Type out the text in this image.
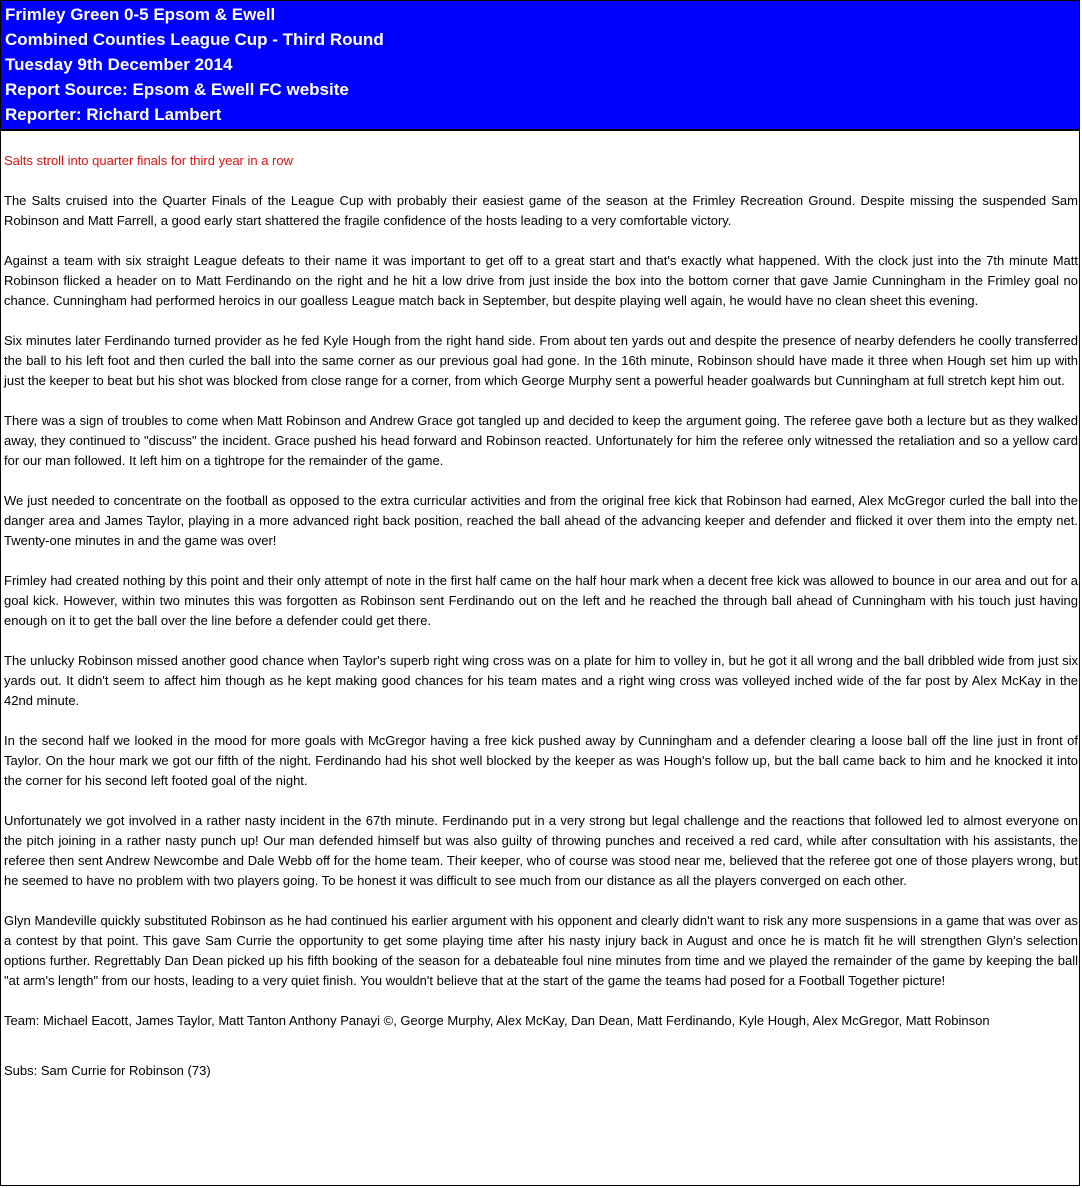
Frimley Green 0-5 Epsom & Ewell
Combined Counties League Cup - Third Round
Tuesday 9th December 2014
Report Source: Epsom & Ewell FC website
Reporter: Richard Lambert
Salts stroll into quarter finals for third year in a row

The Salts cruised into the Quarter Finals of the League Cup with probably their easiest game of the season at the Frimley Recreation Ground. Despite missing the suspended Sam Robinson and Matt Farrell, a good early start shattered the fragile confidence of the hosts leading to a very comfortable victory.

Against a team with six straight League defeats to their name it was important to get off to a great start and that's exactly what happened. With the clock just into the 7th minute Matt Robinson flicked a header on to Matt Ferdinando on the right and he hit a low drive from just inside the box into the bottom corner that gave Jamie Cunningham in the Frimley goal no chance. Cunningham had performed heroics in our goalless League match back in September, but despite playing well again, he would have no clean sheet this evening.

Six minutes later Ferdinando turned provider as he fed Kyle Hough from the right hand side. From about ten yards out and despite the presence of nearby defenders he coolly transferred the ball to his left foot and then curled the ball into the same corner as our previous goal had gone. In the 16th minute, Robinson should have made it three when Hough set him up with just the keeper to beat but his shot was blocked from close range for a corner, from which George Murphy sent a powerful header goalwards but Cunningham at full stretch kept him out.

There was a sign of troubles to come when Matt Robinson and Andrew Grace got tangled up and decided to keep the argument going. The referee gave both a lecture but as they walked away, they continued to "discuss" the incident. Grace pushed his head forward and Robinson reacted. Unfortunately for him the referee only witnessed the retaliation and so a yellow card for our man followed. It left him on a tightrope for the remainder of the game.

We just needed to concentrate on the football as opposed to the extra curricular activities and from the original free kick that Robinson had earned, Alex McGregor curled the ball into the danger area and James Taylor, playing in a more advanced right back position, reached the ball ahead of the advancing keeper and defender and flicked it over them into the empty net. Twenty-one minutes in and the game was over!

Frimley had created nothing by this point and their only attempt of note in the first half came on the half hour mark when a decent free kick was allowed to bounce in our area and out for a goal kick. However, within two minutes this was forgotten as Robinson sent Ferdinando out on the left and he reached the through ball ahead of Cunningham with his touch just having enough on it to get the ball over the line before a defender could get there.

The unlucky Robinson missed another good chance when Taylor's superb right wing cross was on a plate for him to volley in, but he got it all wrong and the ball dribbled wide from just six yards out. It didn't seem to affect him though as he kept making good chances for his team mates and a right wing cross was volleyed inched wide of the far post by Alex McKay in the 42nd minute.

In the second half we looked in the mood for more goals with McGregor having a free kick pushed away by Cunningham and a defender clearing a loose ball off the line just in front of Taylor. On the hour mark we got our fifth of the night. Ferdinando had his shot well blocked by the keeper as was Hough's follow up, but the ball came back to him and he knocked it into the corner for his second left footed goal of the night.

Unfortunately we got involved in a rather nasty incident in the 67th minute. Ferdinando put in a very strong but legal challenge and the reactions that followed led to almost everyone on the pitch joining in a rather nasty punch up! Our man defended himself but was also guilty of throwing punches and received a red card, while after consultation with his assistants, the referee then sent Andrew Newcombe and Dale Webb off for the home team. Their keeper, who of course was stood near me, believed that the referee got one of those players wrong, but he seemed to have no problem with two players going. To be honest it was difficult to see much from our distance as all the players converged on each other.

Glyn Mandeville quickly substituted Robinson as he had continued his earlier argument with his opponent and clearly didn't want to risk any more suspensions in a game that was over as a contest by that point. This gave Sam Currie the opportunity to get some playing time after his nasty injury back in August and once he is match fit he will strengthen Glyn's selection options further. Regrettably Dan Dean picked up his fifth booking of the season for a debateable foul nine minutes from time and we played the remainder of the game by keeping the ball "at arm's length" from our hosts, leading to a very quiet finish. You wouldn't believe that at the start of the game the teams had posed for a Football Together picture!

Team: Michael Eacott, James Taylor, Matt Tanton Anthony Panayi ©, George Murphy, Alex McKay, Dan Dean, Matt Ferdinando, Kyle Hough, Alex McGregor, Matt Robinson
Subs: Sam Currie for Robinson (73)
